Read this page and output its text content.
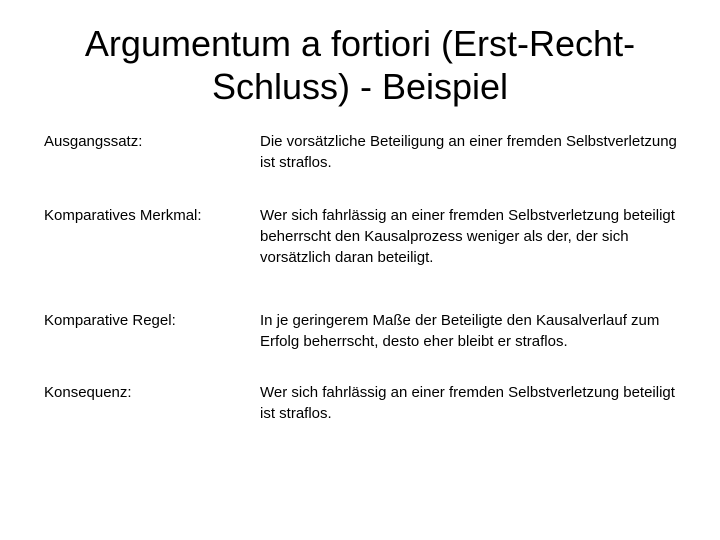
Argumentum a fortiori (Erst-Recht-
Schluss) - Beispiel
Ausgangssatz:	Die vorsätzliche Beteiligung an einer fremden Selbstverletzung ist straflos.
Komparatives Merkmal:	Wer sich fahrlässig an einer fremden Selbstverletzung beteiligt beherrscht den Kausalprozess weniger als der, der sich vorsätzlich daran beteiligt.
Komparative Regel:	In je geringerem Maße der Beteiligte den Kausalverlauf zum Erfolg beherrscht, desto eher bleibt er straflos.
Konsequenz:	Wer sich fahrlässig an einer fremden Selbstverletzung beteiligt ist straflos.
